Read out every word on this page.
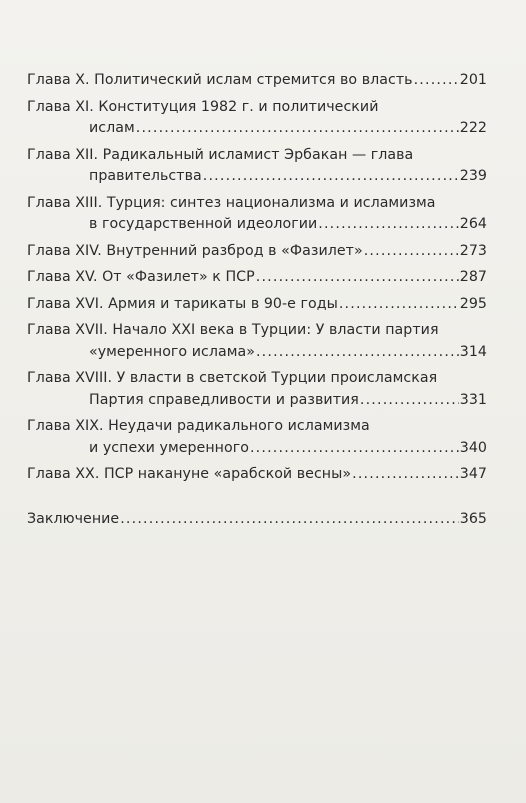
Глава X. Политический ислам стремится во власть .....	201
Глава XI. Конституция 1982 г. и политический
ислам .....	222
Глава XII. Радикальный исламист Эрбакан — глава
правительства .....	239
Глава XIII. Турция: синтез национализма и исламизма
в государственной идеологии .....	264
Глава XIV. Внутренний разброд в «Фазилет» .....	273
Глава XV. От «Фазилет» к ПСР .....	287
Глава XVI. Армия и тарикаты в 90-е годы .....	295
Глава XVII. Начало XXI века в Турции: У власти партия
«умеренного ислама» .....	314
Глава XVIII. У власти в светской Турции происламская
Партия справедливости и развития .....	331
Глава XIX. Неудачи радикального исламизма
и успехи умеренного .....	340
Глава XX. ПСР накануне «арабской весны» .....	347
Заключение .....	365
